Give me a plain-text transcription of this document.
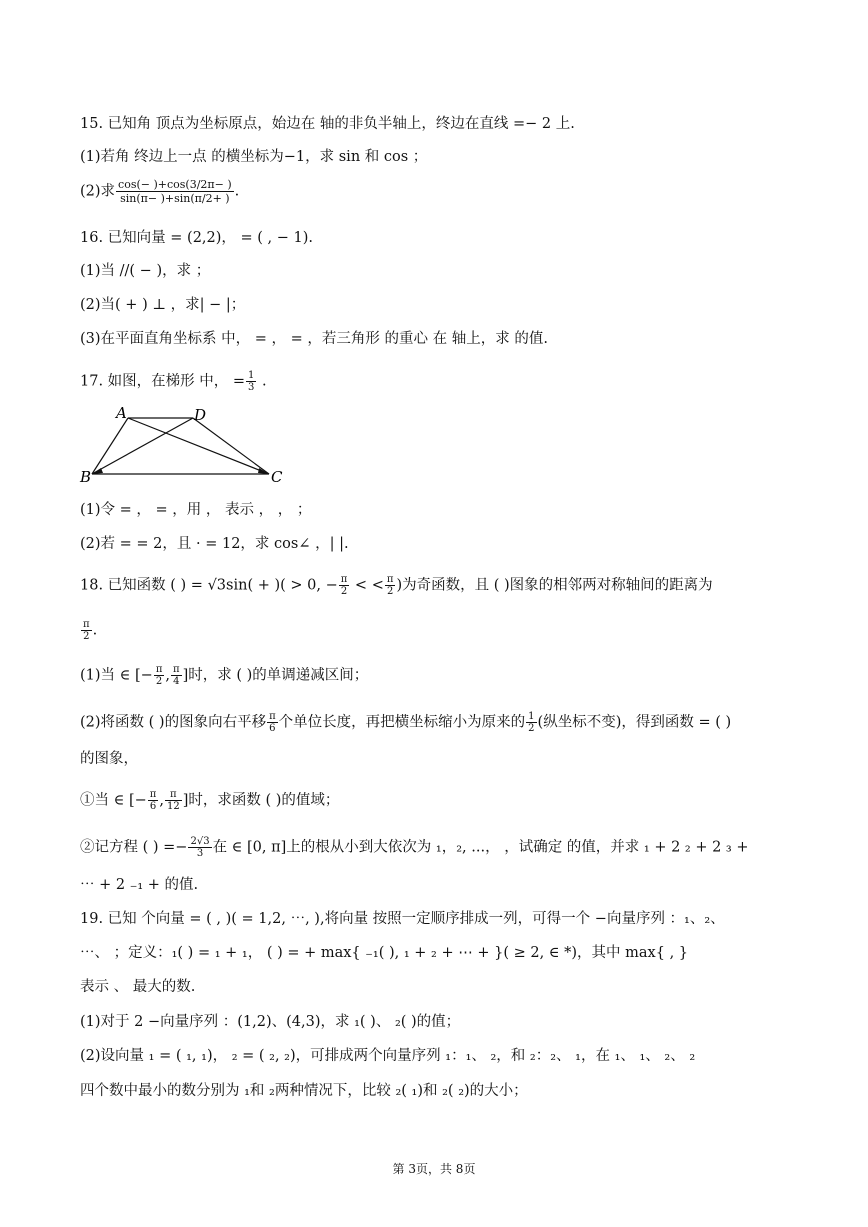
15. 已知角 顶点为坐标原点，始边在 轴的非负半轴上，终边在直线 =− 2 上.
(1)若角 终边上一点 的横坐标为−1，求 sin 和 cos ；
(2)求 $\frac{\cos(- )+\cos(3/2\pi- )}{\sin(\pi- )+\sin(\pi/2+ )}$ .
16. 已知向量 = (2,2)， = ( , − 1).
(1)当 //( − )，求 ；
(2)当( + ) ⊥ ，求| − |；
(3)在平面直角坐标系 中， = ， = ，若三角形 的重心 在 轴上，求 的值.
17. 如图，在梯形 中， = $\frac{1}{3}$ .
A	D
B	C
(1)令 = ， = ，用 ， 表示 ， ， ；
(2)若 = = 2，且 · = 12，求 cos∠ ，| |.
18. 已知函数 ( ) = √3sin( + )( > 0, − $\frac{\pi}{2}$ < < $\frac{\pi}{2}$ )为奇函数，且 ( )图象的相邻两对称轴间的距离为
$\frac{\pi}{2}$ .
(1)当 ∈ [− $\frac{\pi}{2}$ , $\frac{\pi}{4}$ ]时，求 ( )的单调递减区间；
(2)将函数 ( )的图象向右平移 $\frac{\pi}{6}$ 个单位长度，再把横坐标缩小为原来的 $\frac{1}{2}$ (纵坐标不变)，得到函数 = ( )
的图象，
①当 ∈ [− $\frac{\pi}{6}$ , $\frac{\pi}{12}$ ]时，求函数 ( )的值域；
②记方程 ( ) =− $\frac{2√3}{3}$ 在 ∈ [0, π]上的根从小到大依次为 ₁，₂, ...， ，试确定 的值，并求 ₁ + 2 ₂ + 2 ₃ +
⋯ + 2 ₋₁ + 的值.
19. 已知 个向量 = ( , )( = 1,2, ⋯, ),将向量 按照一定顺序排成一列，可得一个 −向量序列 ：₁、₂、
⋯、 ；定义：₁( ) = ₁ + ₁， ( ) = + max{ ₋₁( ), ₁ + ₂ + ⋯ + }( ≥ 2, ∈ *)，其中 max{ , }
表示 、 最大的数.
(1)对于 2 −向量序列 ：(1,2)、(4,3)，求 ₁( )、 ₂( )的值；
(2)设向量 ₁ = ( ₁, ₁)， ₂ = ( ₂, ₂)，可排成两个向量序列 ₁：₁、 ₂，和 ₂：₂、 ₁，在 ₁、 ₁、 ₂、 ₂
四个数中最小的数分别为 ₁和 ₂两种情况下，比较 ₂( ₁)和 ₂( ₂)的大小；
第 3页，共 8页
